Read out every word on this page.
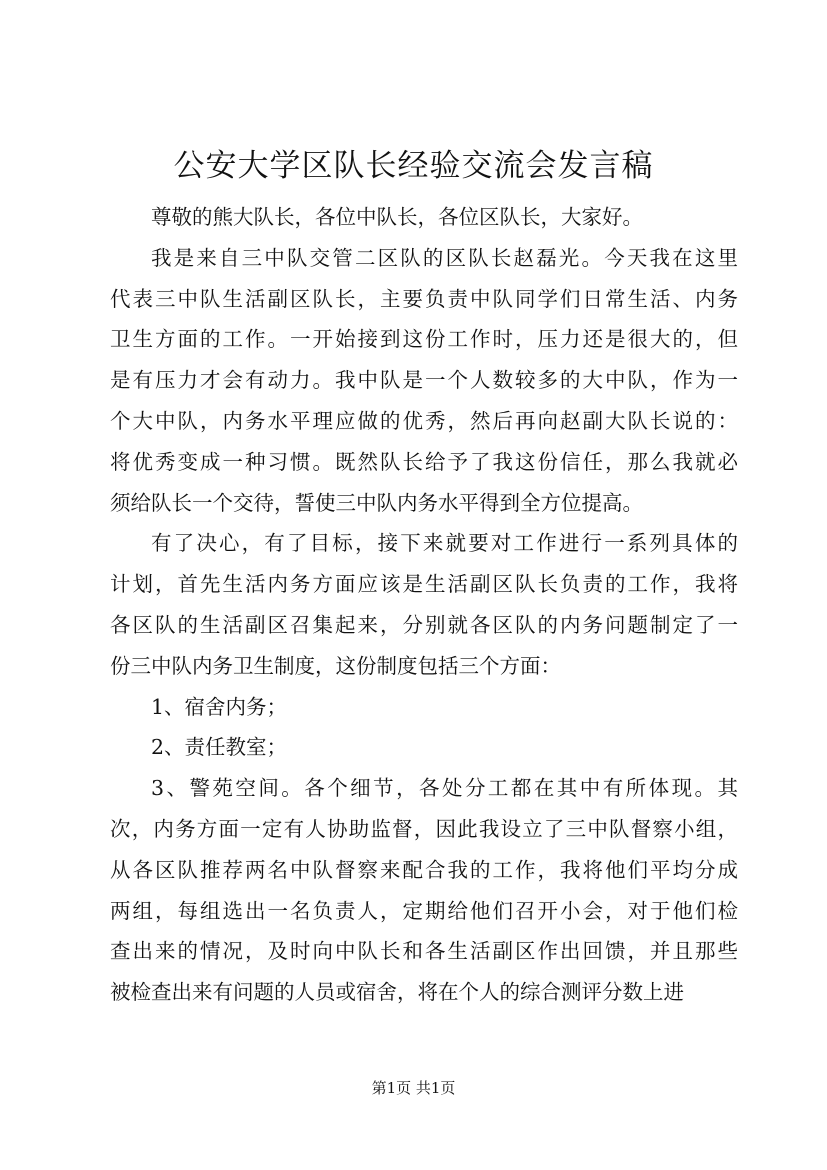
公安大学区队长经验交流会发言稿
尊敬的熊大队长，各位中队长，各位区队长，大家好。
我是来自三中队交管二区队的区队长赵磊光。今天我在这里
代表三中队生活副区队长，主要负责中队同学们日常生活、内务
卫生方面的工作。一开始接到这份工作时，压力还是很大的，但
是有压力才会有动力。我中队是一个人数较多的大中队，作为一
个大中队，内务水平理应做的优秀，然后再向赵副大队长说的：
将优秀变成一种习惯。既然队长给予了我这份信任，那么我就必
须给队长一个交待，誓使三中队内务水平得到全方位提高。
有了决心，有了目标，接下来就要对工作进行一系列具体的
计划，首先生活内务方面应该是生活副区队长负责的工作，我将
各区队的生活副区召集起来，分别就各区队的内务问题制定了一
份三中队内务卫生制度，这份制度包括三个方面：
1、宿舍内务；
2、责任教室；
3、警苑空间。各个细节，各处分工都在其中有所体现。其
次，内务方面一定有人协助监督，因此我设立了三中队督察小组，
从各区队推荐两名中队督察来配合我的工作，我将他们平均分成
两组，每组选出一名负责人，定期给他们召开小会，对于他们检
查出来的情况，及时向中队长和各生活副区作出回馈，并且那些
被检查出来有问题的人员或宿舍，将在个人的综合测评分数上进
第1页 共1页
